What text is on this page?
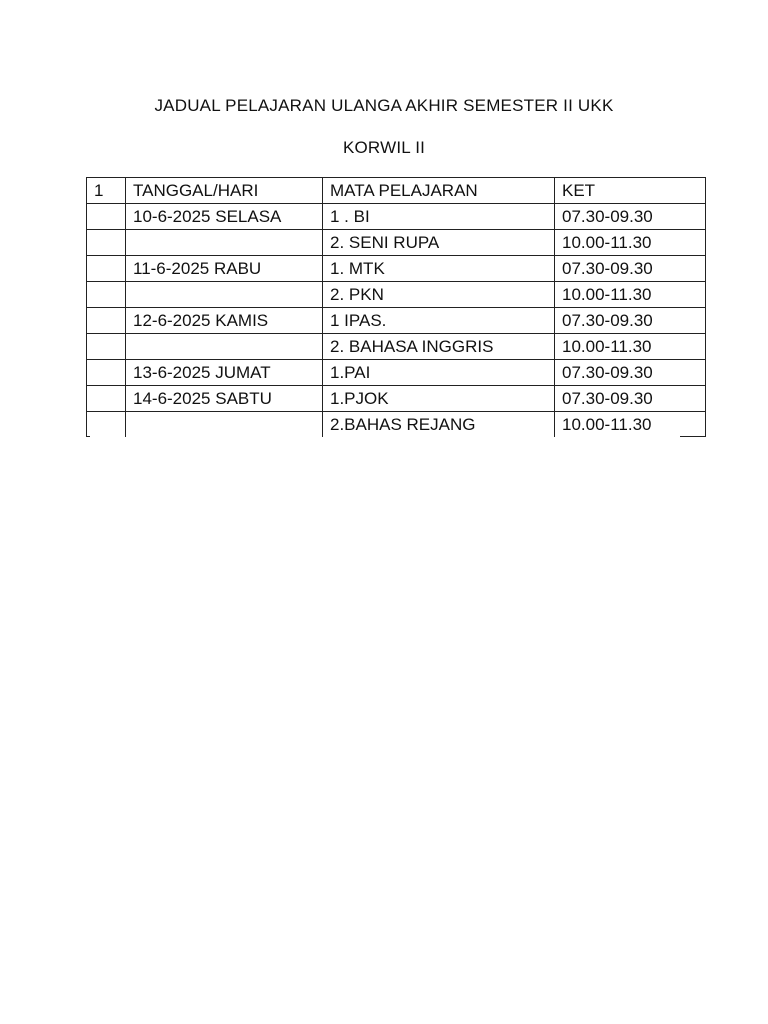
JADUAL PELAJARAN ULANGA AKHIR SEMESTER II UKK
KORWIL II
1	TANGGAL/HARI	MATA PELAJARAN	KET
	10-6-2025 SELASA	1 . BI	07.30-09.30
		2. SENI RUPA	10.00-11.30
	11-6-2025 RABU	1. MTK	07.30-09.30
		2. PKN	10.00-11.30
	12-6-2025 KAMIS	1 IPAS.	07.30-09.30
		2. BAHASA INGGRIS	10.00-11.30
	13-6-2025 JUMAT	1.PAI	07.30-09.30
	14-6-2025 SABTU	1.PJOK	07.30-09.30
		2.BAHAS REJANG	10.00-11.30
